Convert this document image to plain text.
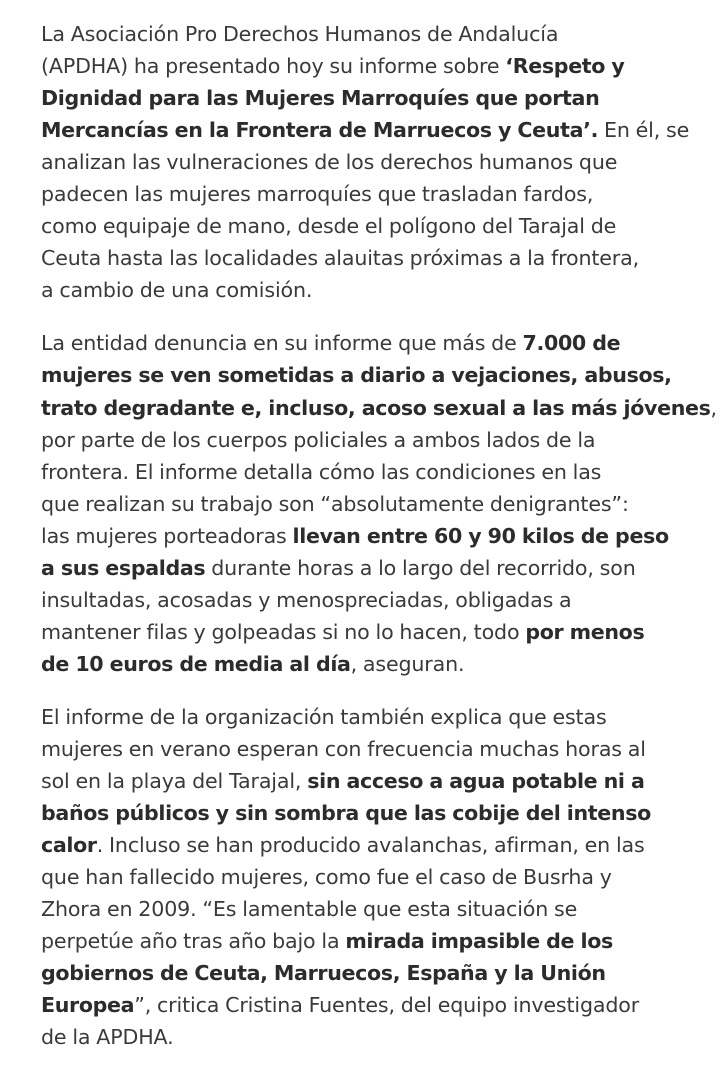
La Asociación Pro Derechos Humanos de Andalucía
(APDHA) ha presentado hoy su informe sobre ‘Respeto y
Dignidad para las Mujeres Marroquíes que portan
Mercancías en la Frontera de Marruecos y Ceuta’. En él, se
analizan las vulneraciones de los derechos humanos que
padecen las mujeres marroquíes que trasladan fardos,
como equipaje de mano, desde el polígono del Tarajal de
Ceuta hasta las localidades alauitas próximas a la frontera,
a cambio de una comisión.

La entidad denuncia en su informe que más de 7.000 de
mujeres se ven sometidas a diario a vejaciones, abusos,
trato degradante e, incluso, acoso sexual a las más jóvenes,
por parte de los cuerpos policiales a ambos lados de la
frontera. El informe detalla cómo las condiciones en las
que realizan su trabajo son “absolutamente denigrantes”:
las mujeres porteadoras llevan entre 60 y 90 kilos de peso
a sus espaldas durante horas a lo largo del recorrido, son
insultadas, acosadas y menospreciadas, obligadas a
mantener filas y golpeadas si no lo hacen, todo por menos
de 10 euros de media al día, aseguran.

El informe de la organización también explica que estas
mujeres en verano esperan con frecuencia muchas horas al
sol en la playa del Tarajal, sin acceso a agua potable ni a
baños públicos y sin sombra que las cobije del intenso
calor. Incluso se han producido avalanchas, afirman, en las
que han fallecido mujeres, como fue el caso de Busrha y
Zhora en 2009. “Es lamentable que esta situación se
perpetúe año tras año bajo la mirada impasible de los
gobiernos de Ceuta, Marruecos, España y la Unión
Europea”, critica Cristina Fuentes, del equipo investigador
de la APDHA.
